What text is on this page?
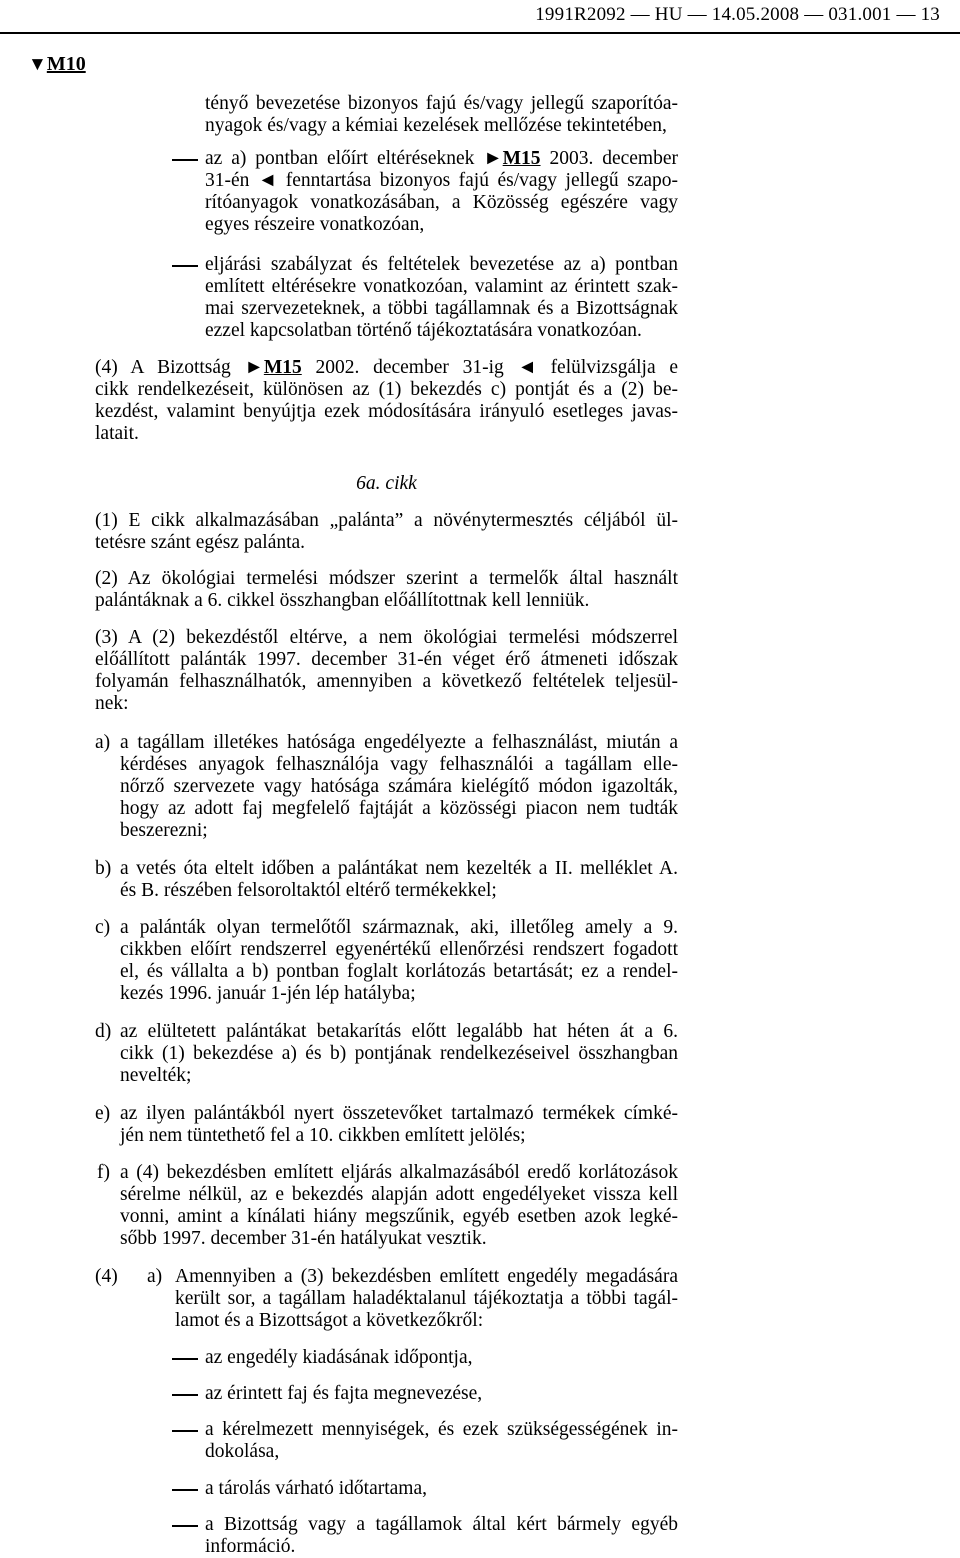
1991R2092 — HU — 14.05.2008 — 031.001 — 13
▼M10
tényő bevezetése bizonyos fajú és/vagy jellegű szaporítóa-
nyagok és/vagy a kémiai kezelések mellőzése tekintetében,
az a) pontban előírt eltéréseknek ►M15 2003. december
31-én ◄ fenntartása bizonyos fajú és/vagy jellegű szapo-
rítóanyagok vonatkozásában, a Közösség egészére vagy
egyes részeire vonatkozóan,
eljárási szabályzat és feltételek bevezetése az a) pontban
említett eltérésekre vonatkozóan, valamint az érintett szak-
mai szervezeteknek, a többi tagállamnak és a Bizottságnak
ezzel kapcsolatban történő tájékoztatására vonatkozóan.
(4) A Bizottság ►M15 2002. december 31-ig ◄ felülvizsgálja e
cikk rendelkezéseit, különösen az (1) bekezdés c) pontját és a (2) be-
kezdést, valamint benyújtja ezek módosítására irányuló esetleges javas-
latait.
6a. cikk
(1) E cikk alkalmazásában „palánta” a növénytermesztés céljából ül-
tetésre szánt egész palánta.
(2) Az ökológiai termelési módszer szerint a termelők által használt
palántáknak a 6. cikkel összhangban előállítottnak kell lenniük.
(3) A (2) bekezdéstől eltérve, a nem ökológiai termelési módszerrel
előállított palánták 1997. december 31-én véget érő átmeneti időszak
folyamán felhasználhatók, amennyiben a következő feltételek teljesül-
nek:
a) a tagállam illetékes hatósága engedélyezte a felhasználást, miután a
kérdéses anyagok felhasználója vagy felhasználói a tagállam elle-
nőrző szervezete vagy hatósága számára kielégítő módon igazolták,
hogy az adott faj megfelelő fajtáját a közösségi piacon nem tudták
beszerezni;
b) a vetés óta eltelt időben a palántákat nem kezelték a II. melléklet A.
és B. részében felsoroltaktól eltérő termékekkel;
c) a palánták olyan termelőtől származnak, aki, illetőleg amely a 9.
cikkben előírt rendszerrel egyenértékű ellenőrzési rendszert fogadott
el, és vállalta a b) pontban foglalt korlátozás betartását; ez a rendel-
kezés 1996. január 1-jén lép hatályba;
d) az elültetett palántákat betakarítás előtt legalább hat héten át a 6.
cikk (1) bekezdése a) és b) pontjának rendelkezéseivel összhangban
nevelték;
e) az ilyen palántákból nyert összetevőket tartalmazó termékek címké-
jén nem tüntethető fel a 10. cikkben említett jelölés;
f) a (4) bekezdésben említett eljárás alkalmazásából eredő korlátozások
sérelme nélkül, az e bekezdés alapján adott engedélyeket vissza kell
vonni, amint a kínálati hiány megszűnik, egyéb esetben azok legké-
sőbb 1997. december 31-én hatályukat vesztik.
(4) a) Amennyiben a (3) bekezdésben említett engedély megadására
került sor, a tagállam haladéktalanul tájékoztatja a többi tagál-
lamot és a Bizottságot a következőkről:
az engedély kiadásának időpontja,
az érintett faj és fajta megnevezése,
a kérelmezett mennyiségek, és ezek szükségességének in-
dokolása,
a tárolás várható időtartama,
a Bizottság vagy a tagállamok által kért bármely egyéb
információ.
